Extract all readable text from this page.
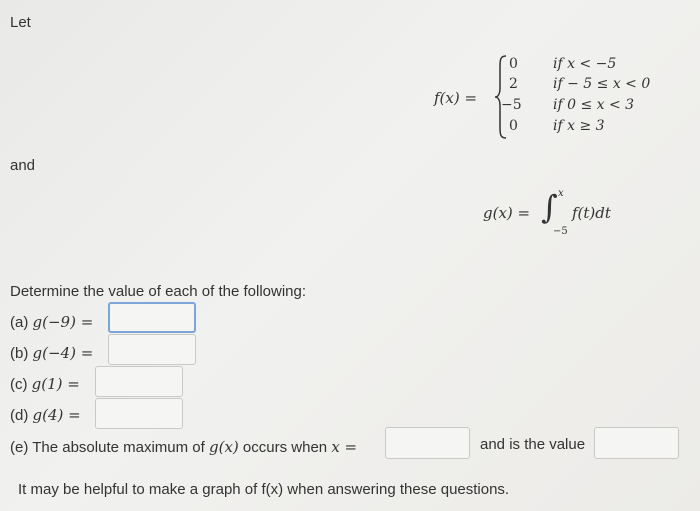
Let
f(x) =
0	if x < −5
2	if − 5 ≤ x < 0
−5 if 0 ≤ x < 3
0	if x ≥ 3
and
g(x) = ∫ x
−5
f(t)dt
Determine the value of each of the following:
(a) g(−9) =
(b) g(−4) =
(c) g(1) =
(d) g(4) =
(e) The absolute maximum of g(x) occurs when x =	and is the value
It may be helpful to make a graph of f(x) when answering these questions.
